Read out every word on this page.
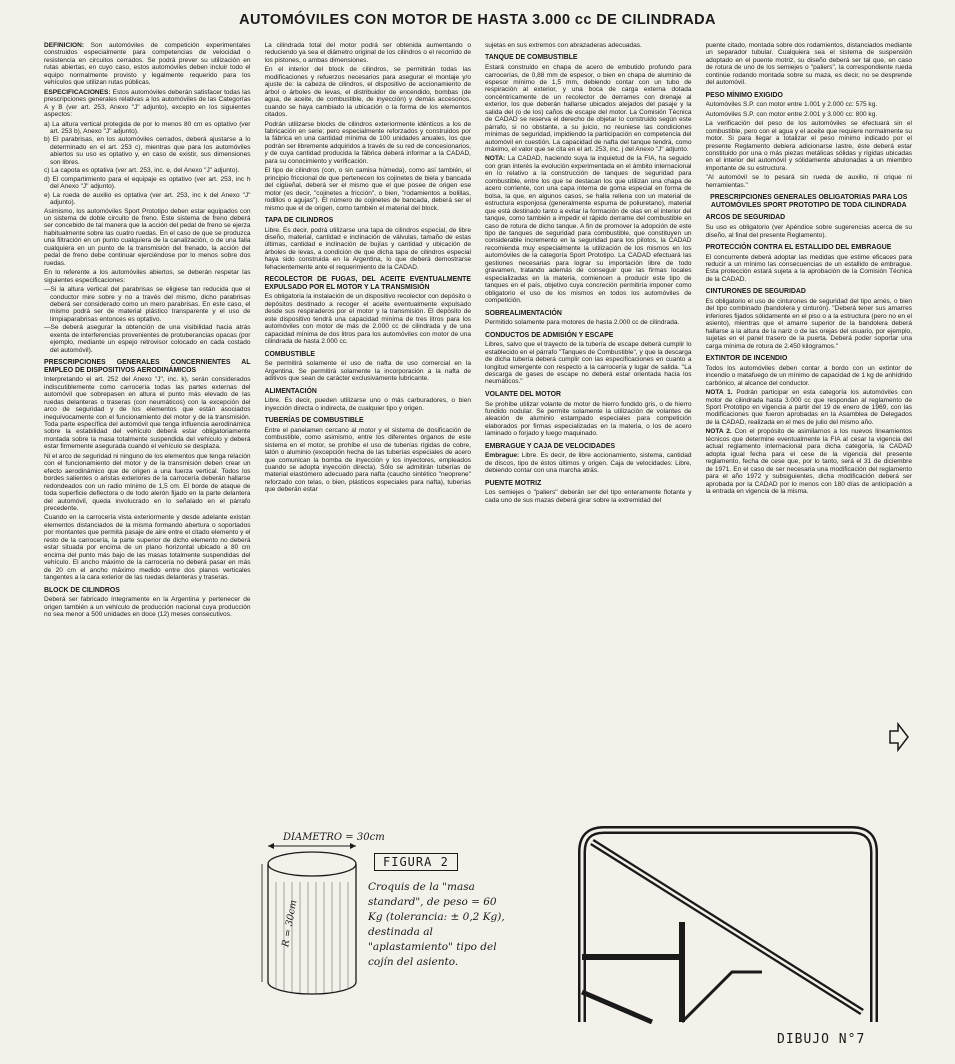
AUTOMÓVILES CON MOTOR DE HASTA 3.000 cc DE CILINDRADA

DEFINICIÓN: Son automóviles de competición experimentales construidos especialmente para competencias de velocidad o resistencia en circuitos cerrados. Se podrá prever su utilización en rutas abiertas, en cuyo caso, estos automóviles deben incluir todo el equipo normalmente provisto y legalmente requerido para los vehículos que utilizan rutas públicas.

ESPECIFICACIONES: Estos automóviles deberán satisfacer todas las prescripciones generales relativas a los automóviles de las Categorías A y B (ver art. 253, Anexo "J" adjunto), excepto en los siguientes aspectos:

a) La altura vertical protegida de por lo menos 80 cm es optativo (ver art. 253 b), Anexo "J" adjunto).

b) El parabrisas, en los automóviles cerrados, deberá ajustarse a lo determinado en el art. 253 c), mientras que para los automóviles abiertos su uso es optativo y, en caso de existir, sus dimensiones son libres.

c) La capota es optativa (ver art. 253, inc. e, del Anexo "J" adjunto).

d) El compartimiento para el equipaje es optativo (ver art. 253, inc h del Anexo "J" adjunto).

e) La rueda de auxilio es optativa (ver art. 253, inc k del Anexo "J" adjunto).

Asimismo, los automóviles Sport Prototipo deben estar equipados con un sistema de doble circuito de freno. Este sistema de freno deberá ser concebido de tal manera que la acción del pedal de freno se ejerza habitualmente sobre las cuatro ruedas. En el caso de que se produzca una filtración en un punto cualquiera de la canalización, o de una falla cualquiera en un punto de la transmisión del frenado, la acción del pedal de freno debe continuar ejerciéndose por lo menos sobre dos ruedas.

En lo referente a los automóviles abiertos, se deberán respetar las siguientes especificaciones:

—Si la altura vertical del parabrisas se eligiese tan reducida que el conductor mire sobre y no a través del mismo, dicho parabrisas deberá ser considerado como un mero parabrisas. En este caso, el mismo podrá ser de material plástico transparente y el uso de limpiaparabrisas entonces es optativo.

—Se deberá asegurar la obtención de una visibilidad hacia atrás exenta de interferencias provenientes de protuberancias opacas (por ejemplo, mediante un espejo retrovisor colocado en cada costado del automóvil).

PRESCRIPCIONES GENERALES CONCERNIENTES AL EMPLEO DE DISPOSITIVOS AERODINÁMICOS

Interpretando el art. 252 del Anexo "J", inc. k), serán considerados indiscutiblemente como carrocería todas las partes externas del automóvil que sobrepasen en altura el punto más elevado de las ruedas delanteras o traseras (con neumáticos) con la excepción del arco de seguridad y de los elementos que están asociados inequívocamente con el funcionamiento del motor y de la transmisión. Toda parte específica del automóvil que tenga influencia aerodinámica sobre la estabilidad del vehículo deberá estar obligatoriamente montada sobre la masa totalmente suspendida del vehículo y deberá estar firmemente asegurada cuando el vehículo se desplaza.

Ni el arco de seguridad ni ninguno de los elementos que tenga relación con el funcionamiento del motor y de la transmisión deben crear un efecto aerodinámico que de origen a una fuerza vertical. Todos los bordes salientes o aristas exteriores de la carrocería deberán hallarse redondeados con un radio mínimo de 1,5 cm. El borde de ataque de toda superficie deflectora o de todo alerón fijado en la parte delantera del automóvil, queda involucrado en lo señalado en el párrafo precedente.

Cuando en la carrocería vista exteriormente y desde adelante existan elementos distanciados de la misma formando abertura o soportados por montantes que permita pasaje de aire entre el citado elemento y el resto de la carrocería, la parte superior de dicho elemento no deberá estar situada por encima de un plano horizontal ubicado a 80 cm encima del punto más bajo de las masas totalmente suspendidas del vehículo. El ancho máximo de la carrocería no deberá pasar en más de 20 cm el ancho máximo medido entre dos planos verticales tangentes a la cara exterior de las ruedas delanteras y traseras.

BLOCK DE CILINDROS

Deberá ser fabricado íntegramente en la Argentina y pertenecer de origen también a un vehículo de producción nacional cuya producción no sea menor a 500 unidades en doce (12) meses consecutivos.

La cilindrada total del motor podrá ser obtenida aumentando o reduciendo ya sea el diámetro original de los cilindros o el recorrido de los pistones, o ambas dimensiones.

En el interior del block de cilindros, se permitirán todas las modificaciones y refuerzos necesarios para asegurar el montaje y/o ajuste de: la cabeza de cilindros, el dispositivo de accionamiento de árbol o árboles de levas, el distribuidor de encendido, bombas (de agua, de aceite, de combustible, de inyección) y demás accesorios, cuando se haya cambiado la ubicación o la forma de los elementos citados.

Podrán utilizarse blocks de cilindros exteriormente idénticos a los de fabricación en serie; pero especialmente reforzados y construidos por la fábrica en una cantidad mínima de 100 unidades anuales, los que podrán ser libremente adquiridos a través de su red de concesionarios, y de cuya cantidad producida la fábrica deberá informar a la CADAD, para su conocimiento y verificación.

El tipo de cilindros (con, o sin camisa húmeda), como así también, el principio friccional de que pertenecen los cojinetes de biela y bancada del cigüeñal, deberá ser el mismo que el que posee de origen ese motor (es decir, "cojinetes a fricción", o bien, "rodamientos a bolillas, rodillos o agujas"). El número de cojinetes de bancada, deberá ser el mismo que el de origen, como también el material del block.

TAPA DE CILINDROS

Libre. Es decir, podrá utilizarse una tapa de cilindros especial, de libre diseño, material, cantidad e inclinación de válvulas, tamaño de estas últimas, cantidad e inclinación de bujías y cantidad y ubicación de árboles de levas, a condición de que dicha tapa de cilindros especial haya sido construida en la Argentina, lo que deberá demostrarse fehacientemente ante el requerimiento de la CADAD.

RECOLECTOR DE FUGAS, DEL ACEITE EVENTUALMENTE EXPULSADO POR EL MOTOR Y LA TRANSMISIÓN

Es obligatoria la instalación de un dispositivo recolector con depósito o depósitos destinado a recoger el aceite eventualmente expulsado desde sus respiraderos por el motor y la transmisión. El depósito de este dispositivo tendrá una capacidad mínima de tres litros para los automóviles con motor de más de 2.000 cc de cilindrada y de una capacidad mínima de dos litros para los automóviles con motor de una cilindrada de hasta 2.000 cc.

COMBUSTIBLE

Se permitirá solamente el uso de nafta de uso comercial en la Argentina. Se permitirá solamente la incorporación a la nafta de aditivos que sean de carácter exclusivamente lubricante.

ALIMENTACIÓN

Libre. Es decir, pueden utilizarse uno o más carburadores, o bien inyección directa o indirecta, de cualquier tipo y origen.

TUBERÍAS DE COMBUSTIBLE

Entre el panelamen cercano al motor y el sistema de dosificación de combustible, como asimismo, entre los diferentes órganos de este sistema en el motor, se prohíbe el uso de tuberías rígidas de cobre, latón o aluminio (excepción hecha de las tuberías especiales de acero que comunican la bomba de inyección y los inyectores, empleados cuando se adopta inyección directa). Sólo se admitirán tuberías de material elastómero adecuado para nafta (caucho sintético "neoprene" reforzado con telas, o bien, plásticos especiales para nafta), tuberías que deberán estar

sujetas en sus extremos con abrazaderas adecuadas.

TANQUE DE COMBUSTIBLE

Estará construido en chapa de acero de embutido profundo para carrocerías, de 0,88 mm de espesor, o bien en chapa de aluminio de espesor mínimo de 1,5 mm, debiendo contar con un tubo de respiración al exterior, y una boca de carga externa dotada concéntricamente de un recolector de derrames con drenaje al exterior, los que deberán hallarse ubicados alejados del pasaje y la salida del (o de los) caños de escape del motor. La Comisión Técnica de CADAD se reserva el derecho de objetar lo construido según este párrafo, si no obstante, a su juicio, no reuniese las condiciones mínimas de seguridad, impidiendo la participación en competencia del automóvil en cuestión. La capacidad de nafta del tanque tendrá, como máximo, el valor que se cita en el art. 253, inc. j del Anexo "J" adjunto.

NOTA: La CADAD, haciendo suya la inquietud de la FIA, ha seguido con gran interés la evolución experimentada en el ámbito internacional en lo relativo a la construcción de tanques de seguridad para combustible, entre los que se destacan los que utilizan una chapa de acero corriente, con una capa interna de goma especial en forma de bolsa, la que, en algunos casos, se halla rellena con un material de estructura esponjosa (generalmente espuma de poliuretano), material que está destinado tanto a evitar la formación de olas en el interior del tanque, como también a impedir el rápido derrame del combustible en caso de rotura de dicho tanque. A fin de promover la adopción de este tipo de tanques de seguridad para combustible, que constituyen un considerable incremento en la seguridad para los pilotos, la CADAD recomienda muy especialmente la utilización de los mismos en los automóviles de la categoría Sport Prototipo. La CADAD efectuará las gestiones necesarias para lograr su importación libre de todo gravamen, tratando además de conseguir que las firmas locales especializadas en la materia, comiencen a producir este tipo de tanques en el país, objetivo cuya concreción permitiría imponer como obligatorio el uso de los mismos en todos los automóviles de competición.

SOBREALIMENTACIÓN

Permitido solamente para motores de hasta 2.000 cc de cilindrada.

CONDUCTOS DE ADMISIÓN Y ESCAPE

Libres, salvo que el trayecto de la tubería de escape deberá cumplir lo establecido en el párrafo "Tanques de Combustible", y que la descarga de dicha tubería deberá cumplir con las especificaciones en cuanto a longitud emergente con respecto a la carrocería y lugar de salida. "La descarga de gases de escape no deberá estar orientada hacia los neumáticos."

VOLANTE DEL MOTOR

Se prohíbe utilizar volante de motor de hierro fundido gris, o de hierro fundido nodular. Se permite solamente la utilización de volantes de aleación de aluminio estampado especiales para competición elaborados por firmas especializadas en la materia, o los de acero laminado o forjado y luego maquinado.

EMBRAGUE Y CAJA DE VELOCIDADES

Embrague: Libre. Es decir, de libre accionamiento, sistema, cantidad de discos, tipo de éstos últimos y origen. Caja de velocidades: Libre, debiendo contar con una marcha atrás.

PUENTE MOTRIZ

Los semiejes o "paliers" deberán ser del tipo enteramente flotante y cada uno de sus mazas deberá girar sobre la extremidad del

puente citado, montada sobre dos rodamientos, distanciados mediante un separador tubular. Cualquiera sea el sistema de suspensión adoptado en el puente motriz, su diseño deberá ser tal que, en caso de rotura de uno de los semiejes o "paliers", la correspondiente rueda continúe rodando montada sobre su maza, es decir, no se desprende del automóvil.

PESO MÍNIMO EXIGIDO

Automóviles S.P. con motor entre 1.001 y 2.000 cc: 575 kg.

Automóviles S.P. con motor entre 2.001 y 3.000 cc: 800 kg.

La verificación del peso de los automóviles se efectuará sin el combustible, pero con el agua y el aceite que requiere normalmente su motor. Si para llegar a totalizar el peso mínimo indicado por el presente Reglamento debiera adicionarse lastre, éste deberá estar constituido por una o más piezas metálicas sólidas y rígidas ubicadas en el interior del automóvil y sólidamente abulonadas a un miembro importante de su estructura.

"Al automóvil se lo pesará sin rueda de auxilio, ni crique ni herramientas."

PRESCRIPCIONES GENERALES OBLIGATORIAS PARA LOS AUTOMÓVILES SPORT PROTOTIPO DE TODA CILINDRADA
ARCOS DE SEGURIDAD

Su uso es obligatorio (ver Apéndice sobre sugerencias acerca de su diseño, al final del presente Reglamento).

PROTECCIÓN CONTRA EL ESTALLIDO DEL EMBRAGUE

El concurrente deberá adoptar las medidas que estime eficaces para reducir a un mínimo las consecuencias de un estallido de embrague. Esta protección estará sujeta a la aprobación de la Comisión Técnica de la CADAD.

CINTURONES DE SEGURIDAD

Es obligatorio el uso de cinturones de seguridad del tipo arnés, o bien del tipo combinado (bandolera y cinturón). "Deberá tener sus amarres inferiores fijados sólidamente en el piso o a la estructura (pero no en el asiento), mientras que el amarre superior de la bandolera deberá hallarse a la altura de la nariz o de las orejas del usuario, por ejemplo, sujetas en el panel trasero de la puerta. Deberá poder soportar una carga mínima de rotura de 2.450 kilogramos."

EXTINTOR DE INCENDIO

Todos los automóviles deben contar a bordo con un extintor de incendio o matafuego de un mínimo de capacidad de 1 kg de anhídrido carbónico, al alcance del conductor.

NOTA 1. Podrán participar en esta categoría los automóviles con motor de cilindrada hasta 3.000 cc que respondan al reglamento de Sport Prototipo en vigencia a partir del 19 de enero de 1969, con las modificaciones que fueron aprobadas en la Asamblea de Delegados de la CADAD, realizada en el mes de julio del mismo año.

NOTA 2. Con el propósito de asimilarnos a los nuevos lineamientos técnicos que determine eventualmente la FIA al cesar la vigencia del actual reglamento internacional para dicha categoría, la CADAD adopta igual fecha para el cese de la vigencia del presente reglamento, fecha de cese que, por lo tanto, será el 31 de diciembre de 1971. En el caso de ser necesaria una modificación del reglamento para el año 1972 y subsiguientes, dicha modificación deberá ser aprobada por la CADAD por lo menos con 180 días de anticipación a la entrada en vigencia de la misma.

DIAMETRO = 30cm
R = 30cm
FIGURA 2
Croquis de la "masa standard", de peso = 60 Kg (tolerancia: ± 0,2 Kg), destinada al "aplastamiento" tipo del cojín del asiento.
DIBUJO N°7
